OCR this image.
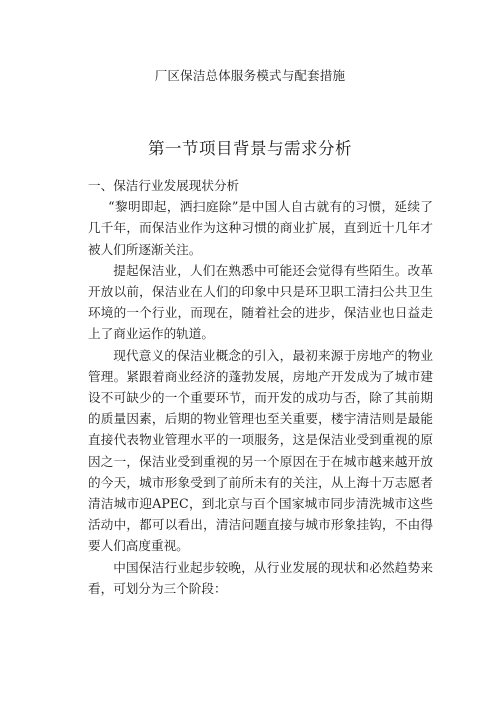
厂区保洁总体服务模式与配套措施
第一节项目背景与需求分析

一、保洁行业发展现状分析

“黎明即起，洒扫庭除”是中国人自古就有的习惯，延续了几千年，而保洁业作为这种习惯的商业扩展，直到近十几年才被人们所逐渐关注。

提起保洁业，人们在熟悉中可能还会觉得有些陌生。改革开放以前，保洁业在人们的印象中只是环卫职工清扫公共卫生环境的一个行业，而现在，随着社会的进步，保洁业也日益走上了商业运作的轨道。

现代意义的保洁业概念的引入，最初来源于房地产的物业管理。紧跟着商业经济的蓬勃发展，房地产开发成为了城市建设不可缺少的一个重要环节，而开发的成功与否，除了其前期的质量因素，后期的物业管理也至关重要，楼宇清洁则是最能直接代表物业管理水平的一项服务，这是保洁业受到重视的原因之一，保洁业受到重视的另一个原因在于在城市越来越开放的今天，城市形象受到了前所未有的关注，从上海十万志愿者清洁城市迎APEC，到北京与百个国家城市同步清洗城市这些活动中，都可以看出，清洁问题直接与城市形象挂钩，不由得要人们高度重视。

中国保洁行业起步较晚，从行业发展的现状和必然趋势来看，可划分为三个阶段：
